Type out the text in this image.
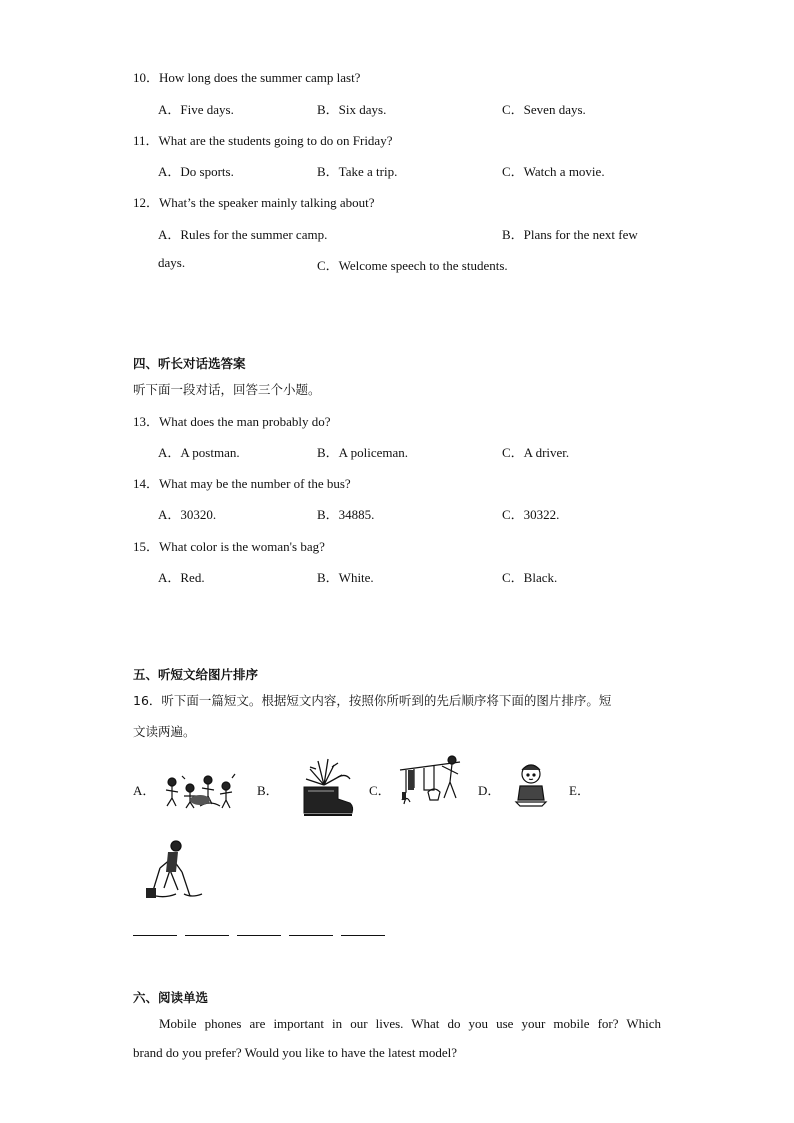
10．How long does the summer camp last?
A．Five days.	B．Six days.	C．Seven days.
11．What are the students going to do on Friday?
A．Do sports.	B．Take a trip.	C．Watch a movie.
12．What’s the speaker mainly talking about?
A．Rules for the summer camp.	B．Plans for the next few
days.	C．Welcome speech to the students.
四、听长对话选答案
听下面一段对话，回答三个小题。
13．What does the man probably do?
A．A postman.	B．A policeman.	C．A driver.
14．What may be the number of the bus?
A．30320.	B．34885.	C．30322.
15．What color is the woman's bag?
A．Red.	B．White.	C．Black.
五、听短文给图片排序
16．听下面一篇短文。根据短文内容，按照你所听到的先后顺序将下面的图片排序。短
文读两遍。
A．	B．	C．	D．	E．
六、阅读单选
Mobile phones are important in our lives. What do you use your mobile for? Which
brand do you prefer? Would you like to have the latest model?
